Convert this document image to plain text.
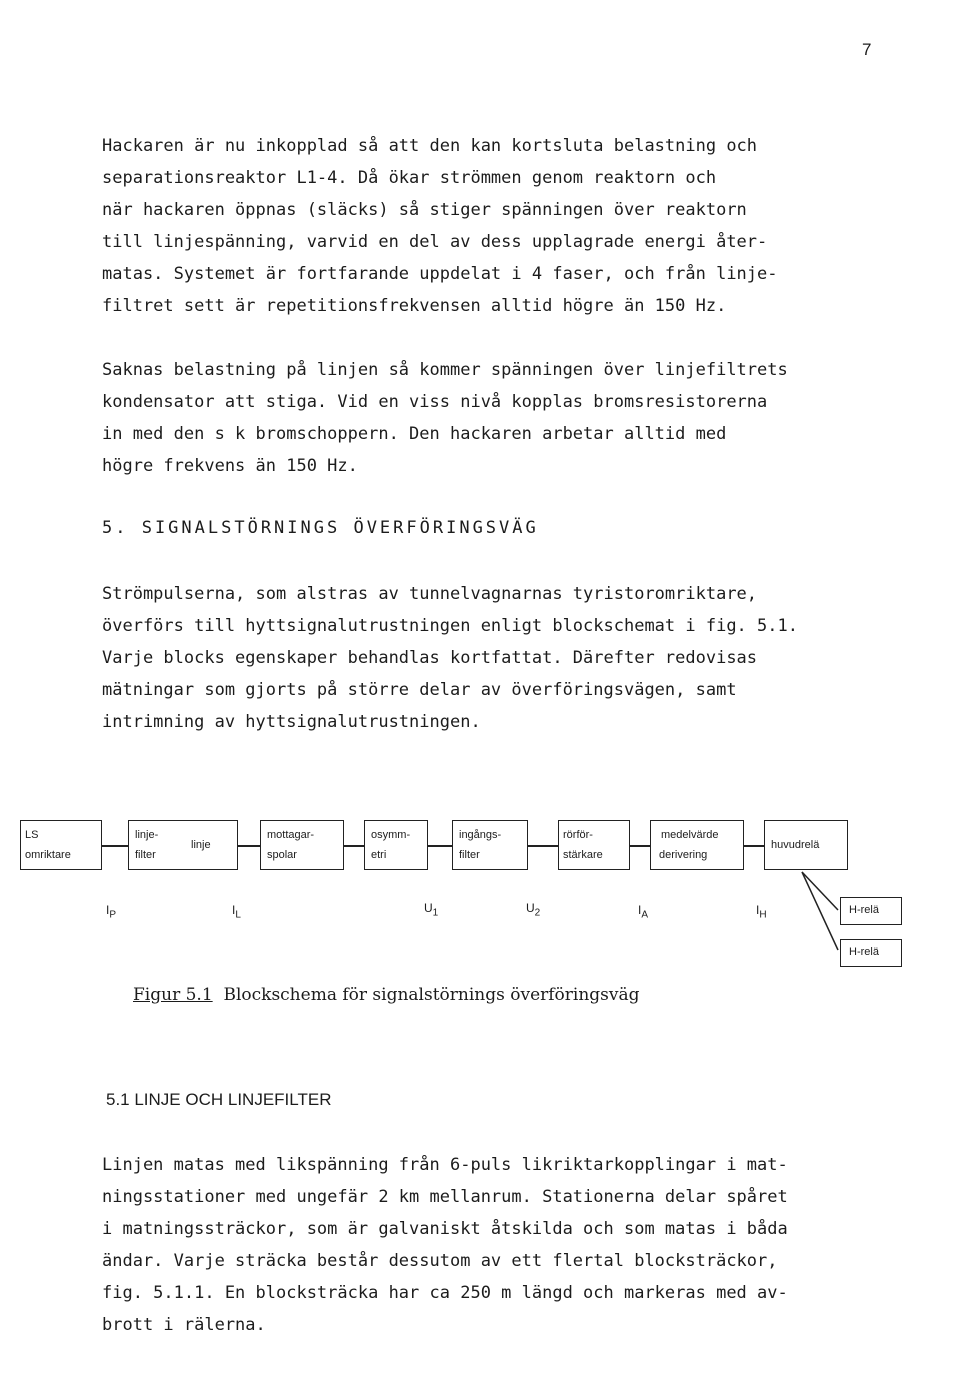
7
Hackaren är nu inkopplad så att den kan kortsluta belastning och
separationsreaktor L1-4. Då ökar strömmen genom reaktorn och
när hackaren öppnas (släcks) så stiger spänningen över reaktorn
till linjespänning, varvid en del av dess upplagrade energi åter-
matas. Systemet är fortfarande uppdelat i 4 faser, och från linje-
filtret sett är repetitionsfrekvensen alltid högre än 150 Hz.
Saknas belastning på linjen så kommer spänningen över linjefiltrets
kondensator att stiga. Vid en viss nivå kopplas bromsresistorerna
in med den s k bromschoppern. Den hackaren arbetar alltid med
högre frekvens än 150 Hz.
5. SIGNALSTÖRNINGS ÖVERFÖRINGSVÄG
Strömpulserna, som alstras av tunnelvagnarnas tyristoromriktare,
överförs till hyttsignalutrustningen enligt blockschemat i fig. 5.1.
Varje blocks egenskaper behandlas kortfattat. Därefter redovisas
mätningar som gjorts på större delar av överföringsvägen, samt
intrimning av hyttsignalutrustningen.
LS
omriktare
linje-
filter
linje
mottagar-
spolar
osymm-
etri
ingångs-
filter
rörför-
stärkare
medelvärde
derivering
huvudrelä
H-relä
H-relä
$I_P$	$I_L$	$U_1$	$U_2$	$I_A$	$I_H$
Figur 5.1 Blockschema för signalstörnings överföringsväg
5.1 LINJE OCH LINJEFILTER
Linjen matas med likspänning från 6-puls likriktarkopplingar i mat-
ningsstationer med ungefär 2 km mellanrum. Stationerna delar spåret
i matningssträckor, som är galvaniskt åtskilda och som matas i båda
ändar. Varje sträcka består dessutom av ett flertal blocksträckor,
fig. 5.1.1. En blocksträcka har ca 250 m längd och markeras med av-
brott i rälerna.
